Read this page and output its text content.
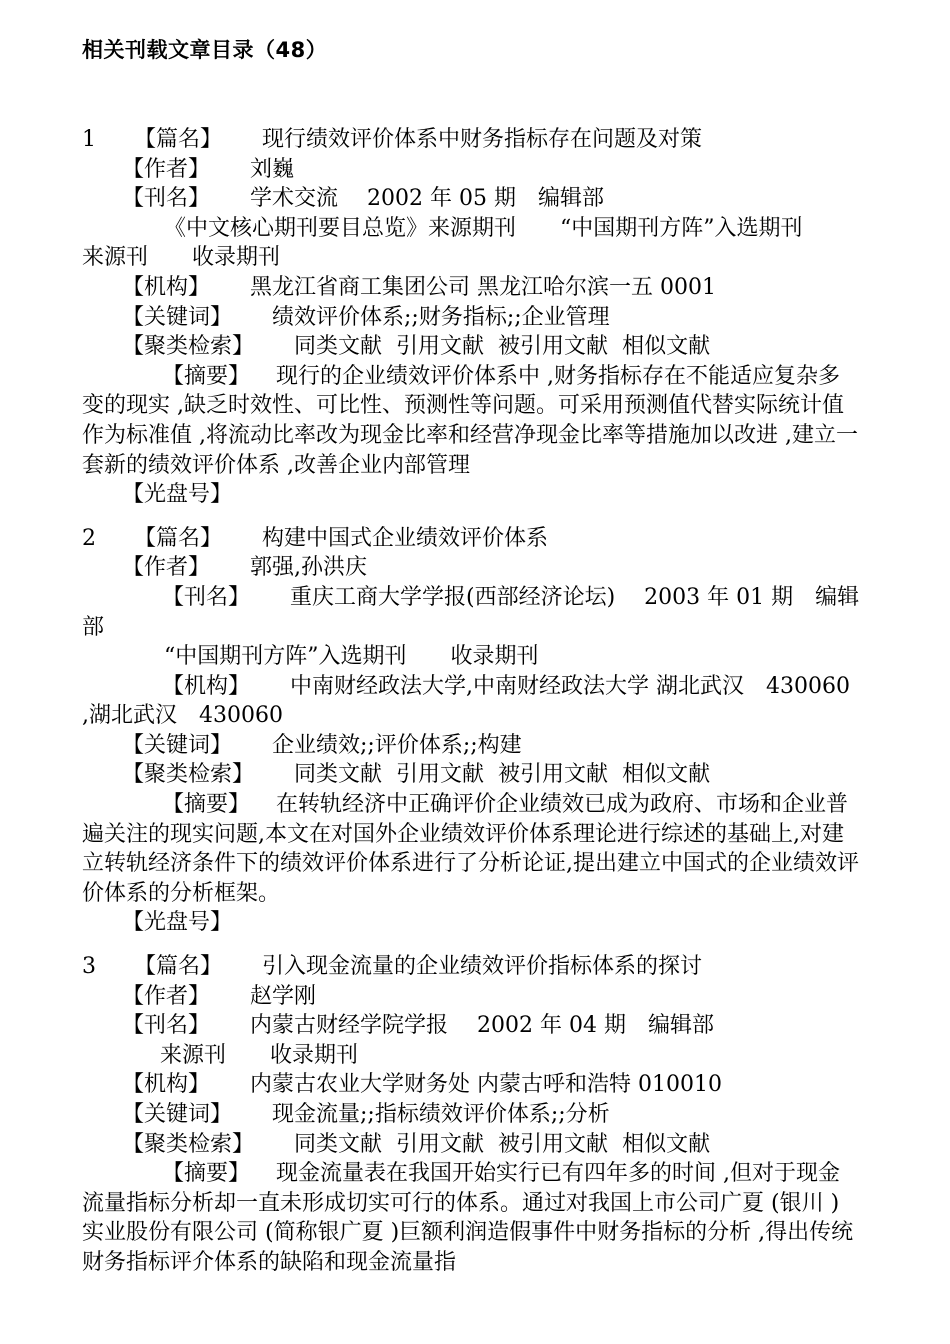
相关刊载文章目录（48）
1 【篇名】 现行绩效评价体系中财务指标存在问题及对策
【作者】 刘巍
【刊名】 学术交流　 2002 年 05 期　编辑部
《中文核心期刊要目总览》来源期刊　　“中国期刊方阵”入选期刊　　来源刊　　收录期刊
【机构】 黑龙江省商工集团公司 黑龙江哈尔滨一五 0001
【关键词】 绩效评价体系;;财务指标;;企业管理
【聚类检索】 同类文献 引用文献 被引用文献 相似文献
【摘要】 现行的企业绩效评价体系中 ,财务指标存在不能适应复杂多变的现实 ,缺乏时效性、可比性、预测性等问题。可采用预测值代替实际统计值作为标准值 ,将流动比率改为现金比率和经营净现金比率等措施加以改进 ,建立一套新的绩效评价体系 ,改善企业内部管理
【光盘号】
2 【篇名】 构建中国式企业绩效评价体系
【作者】 郭强,孙洪庆
【刊名】 重庆工商大学学报(西部经济论坛)　 2003 年 01 期　编辑部
“中国期刊方阵”入选期刊　　收录期刊
【机构】 中南财经政法大学,中南财经政法大学 湖北武汉　430060 ,湖北武汉　430060
【关键词】 企业绩效;;评价体系;;构建
【聚类检索】 同类文献 引用文献 被引用文献 相似文献
【摘要】 在转轨经济中正确评价企业绩效已成为政府、市场和企业普遍关注的现实问题,本文在对国外企业绩效评价体系理论进行综述的基础上,对建立转轨经济条件下的绩效评价体系进行了分析论证,提出建立中国式的企业绩效评价体系的分析框架。
【光盘号】
3 【篇名】 引入现金流量的企业绩效评价指标体系的探讨
【作者】 赵学刚
【刊名】 内蒙古财经学院学报　 2002 年 04 期　编辑部
来源刊　　收录期刊
【机构】 内蒙古农业大学财务处 内蒙古呼和浩特 010010
【关键词】 现金流量;;指标绩效评价体系;;分析
【聚类检索】 同类文献 引用文献 被引用文献 相似文献
【摘要】 现金流量表在我国开始实行已有四年多的时间 ,但对于现金流量指标分析却一直未形成切实可行的体系。通过对我国上市公司广夏 (银川 )实业股份有限公司 (简称银广夏 )巨额利润造假事件中财务指标的分析 ,得出传统财务指标评介体系的缺陷和现金流量指
